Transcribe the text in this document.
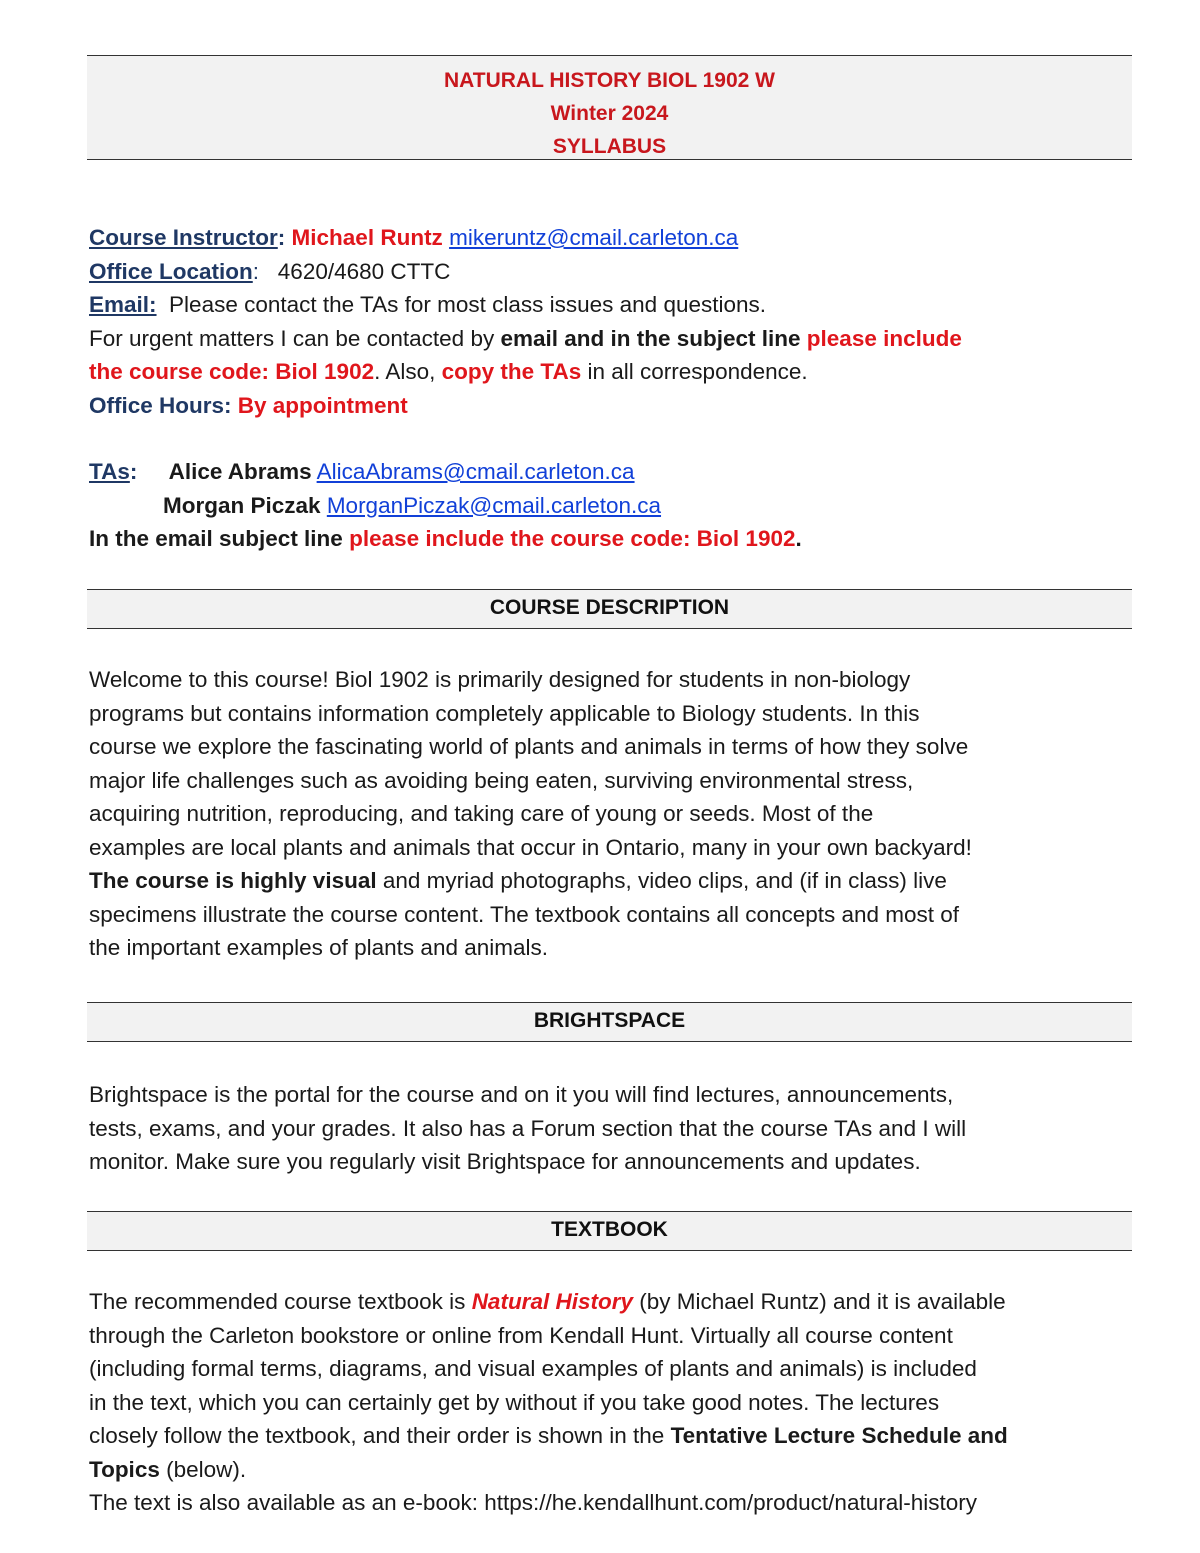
NATURAL HISTORY BIOL 1902 W
Winter 2024
SYLLABUS
Course Instructor: Michael Runtz mikeruntz@cmail.carleton.ca
Office Location: 4620/4680 CTTC
Email: Please contact the TAs for most class issues and questions.
For urgent matters I can be contacted by email and in the subject line please include
the course code: Biol 1902. Also, copy the TAs in all correspondence.
Office Hours: By appointment
TAs: Alice Abrams AlicaAbrams@cmail.carleton.ca
Morgan Piczak MorganPiczak@cmail.carleton.ca
In the email subject line please include the course code: Biol 1902.
COURSE DESCRIPTION
Welcome to this course! Biol 1902 is primarily designed for students in non-biology
programs but contains information completely applicable to Biology students. In this
course we explore the fascinating world of plants and animals in terms of how they solve
major life challenges such as avoiding being eaten, surviving environmental stress,
acquiring nutrition, reproducing, and taking care of young or seeds. Most of the
examples are local plants and animals that occur in Ontario, many in your own backyard!
The course is highly visual and myriad photographs, video clips, and (if in class) live
specimens illustrate the course content. The textbook contains all concepts and most of
the important examples of plants and animals.
BRIGHTSPACE
Brightspace is the portal for the course and on it you will find lectures, announcements,
tests, exams, and your grades. It also has a Forum section that the course TAs and I will
monitor. Make sure you regularly visit Brightspace for announcements and updates.
TEXTBOOK
The recommended course textbook is Natural History (by Michael Runtz) and it is available
through the Carleton bookstore or online from Kendall Hunt. Virtually all course content
(including formal terms, diagrams, and visual examples of plants and animals) is included
in the text, which you can certainly get by without if you take good notes. The lectures
closely follow the textbook, and their order is shown in the Tentative Lecture Schedule and
Topics (below).
The text is also available as an e-book: https://he.kendallhunt.com/product/natural-history
